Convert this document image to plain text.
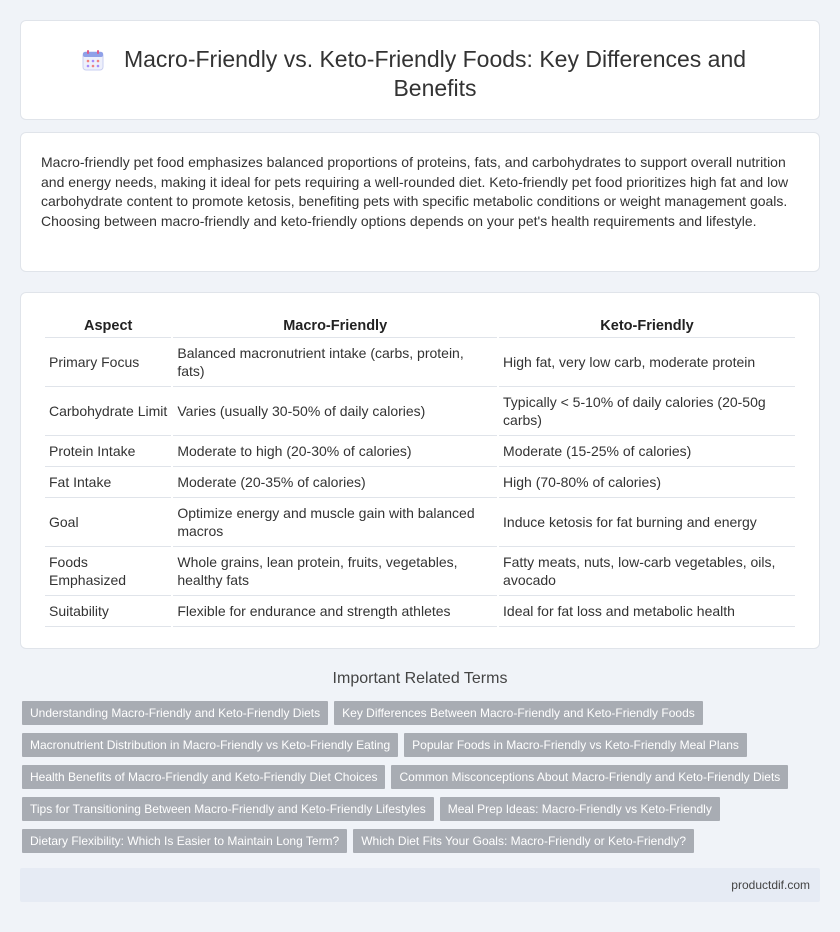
Macro-Friendly vs. Keto-Friendly Foods: Key Differences and Benefits

Macro-friendly pet food emphasizes balanced proportions of proteins, fats, and carbohydrates to support overall nutrition and energy needs, making it ideal for pets requiring a well-rounded diet. Keto-friendly pet food prioritizes high fat and low carbohydrate content to promote ketosis, benefiting pets with specific metabolic conditions or weight management goals. Choosing between macro-friendly and keto-friendly options depends on your pet's health requirements and lifestyle.

Aspect	Macro-Friendly	Keto-Friendly
Primary Focus	Balanced macronutrient intake (carbs, protein, fats)	High fat, very low carb, moderate protein
Carbohydrate Limit	Varies (usually 30-50% of daily calories)	Typically < 5-10% of daily calories (20-50g carbs)
Protein Intake	Moderate to high (20-30% of calories)	Moderate (15-25% of calories)
Fat Intake	Moderate (20-35% of calories)	High (70-80% of calories)
Goal	Optimize energy and muscle gain with balanced macros	Induce ketosis for fat burning and energy
Foods Emphasized	Whole grains, lean protein, fruits, vegetables, healthy fats	Fatty meats, nuts, low-carb vegetables, oils, avocado
Suitability	Flexible for endurance and strength athletes	Ideal for fat loss and metabolic health
Important Related Terms
Understanding Macro-Friendly and Keto-Friendly Diets Key Differences Between Macro-Friendly and Keto-Friendly Foods
Macronutrient Distribution in Macro-Friendly vs Keto-Friendly Eating Popular Foods in Macro-Friendly vs Keto-Friendly Meal Plans
Health Benefits of Macro-Friendly and Keto-Friendly Diet Choices Common Misconceptions About Macro-Friendly and Keto-Friendly Diets
Tips for Transitioning Between Macro-Friendly and Keto-Friendly Lifestyles Meal Prep Ideas: Macro-Friendly vs Keto-Friendly
Dietary Flexibility: Which Is Easier to Maintain Long Term? Which Diet Fits Your Goals: Macro-Friendly or Keto-Friendly?
productdif.com
